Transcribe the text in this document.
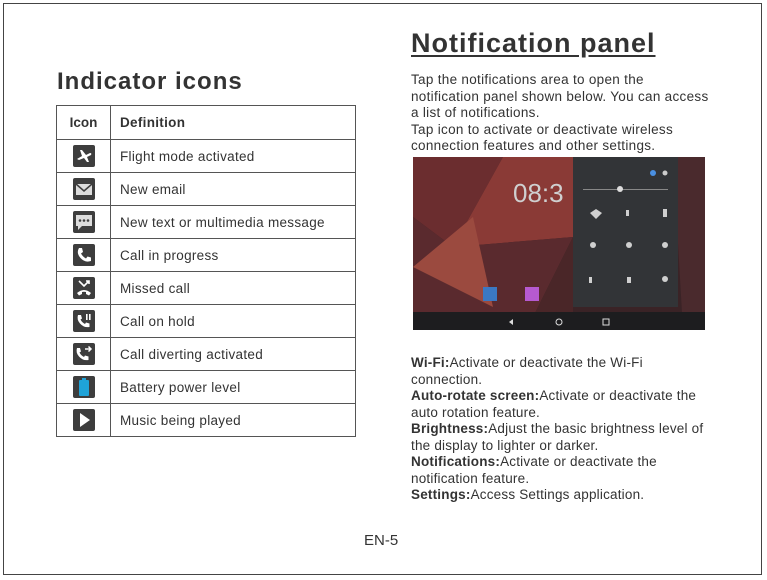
Indicator icons
Icon	Definition
	Flight mode activated
	New email
	New text or multimedia message
	Call in progress
	Missed call
	Call on hold
	Call diverting activated
	Battery power level
	Music being played
Notification panel

Tap the notifications area to open the notification panel shown below. You can access a list of notifications.

Tap icon to activate or deactivate wireless connection features and other settings.

08:3

Wi-Fi:Activate or deactivate the Wi-Fi connection.

Auto-rotate screen:Activate or deactivate the auto rotation feature.

Brightness:Adjust the basic brightness level of the display to lighter or darker.

Notifications:Activate or deactivate the notification feature.

Settings:Access Settings application.

EN-5
